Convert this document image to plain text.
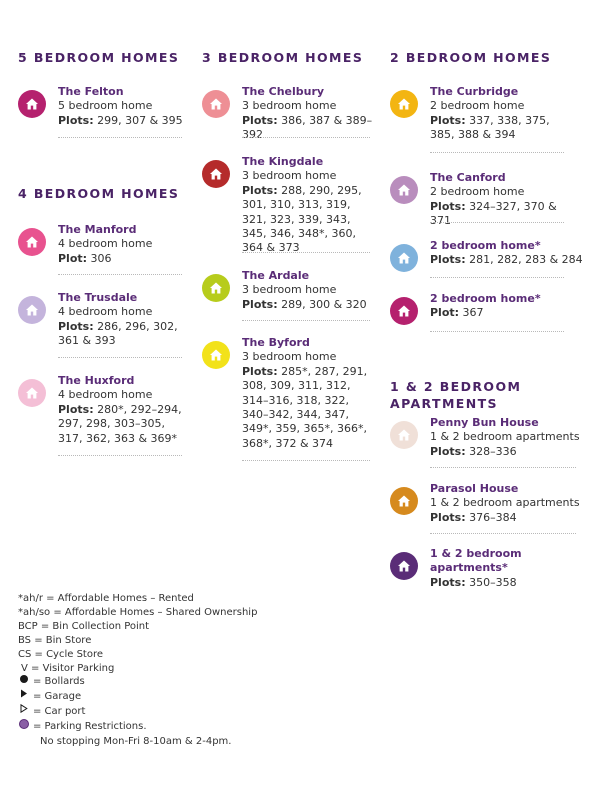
5 BEDROOM HOMES
The Felton
5 bedroom home
Plots: 299, 307 & 395
4 BEDROOM HOMES
The Manford
4 bedroom home
Plot: 306
The Trusdale
4 bedroom home
Plots: 286, 296, 302, 361 & 393
The Huxford
4 bedroom home
Plots: 280*, 292–294, 297, 298, 303–305, 317, 362, 363 & 369*
3 BEDROOM HOMES
The Chelbury
3 bedroom home
Plots: 386, 387 & 389–392
The Kingdale
3 bedroom home
Plots: 288, 290, 295, 301, 310, 313, 319, 321, 323, 339, 343, 345, 346, 348*, 360, 364 & 373
The Ardale
3 bedroom home
Plots: 289, 300 & 320
The Byford
3 bedroom home
Plots: 285*, 287, 291, 308, 309, 311, 312, 314–316, 318, 322, 340–342, 344, 347, 349*, 359, 365*, 366*, 368*, 372 & 374
2 BEDROOM HOMES
The Curbridge
2 bedroom home
Plots: 337, 338, 375, 385, 388 & 394
The Canford
2 bedroom home
Plots: 324–327, 370 & 371
2 bedroom home*
Plots: 281, 282, 283 & 284
2 bedroom home*
Plot: 367
1 & 2 BEDROOM
APARTMENTS
Penny Bun House
1 & 2 bedroom apartments
Plots: 328–336
Parasol House
1 & 2 bedroom apartments
Plots: 376–384
1 & 2 bedroom apartments*
Plots: 350–358
*ah/r = Affordable Homes – Rented
*ah/so = Affordable Homes – Shared Ownership
BCP = Bin Collection Point
BS = Bin Store
CS = Cycle Store
V = Visitor Parking
= Bollards
= Garage
= Car port
= Parking Restrictions.
No stopping Mon-Fri 8-10am & 2-4pm.
